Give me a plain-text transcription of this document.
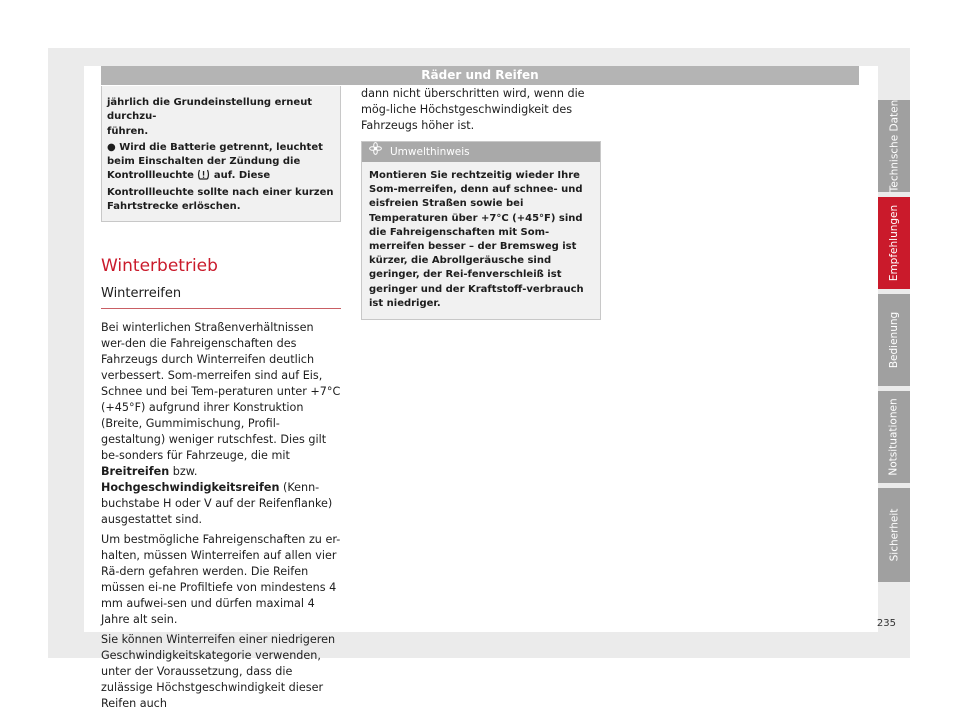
Räder und Reifen

jährlich die Grundeinstellung erneut durchzu-

führen.

● Wird die Batterie getrennt, leuchtet beim Einschalten der Zündung die Kontrollleuchte auf. Diese Kontrollleuchte sollte nach einer kurzen Fahrtstrecke erlöschen.

Winterbetrieb
Winterreifen

Bei winterlichen Straßenverhältnissen wer-den die Fahreigenschaften des Fahrzeugs durch Winterreifen deutlich verbessert. Som-merreifen sind auf Eis, Schnee und bei Tem-peraturen unter +7°C (+45°F) aufgrund ihrer Konstruktion (Breite, Gummimischung, Profil-gestaltung) weniger rutschfest. Dies gilt be-sonders für Fahrzeuge, die mit Breitreifen bzw. Hochgeschwindigkeitsreifen (Kenn-buchstabe H oder V auf der Reifenflanke) ausgestattet sind.

Um bestmögliche Fahreigenschaften zu er-halten, müssen Winterreifen auf allen vier Rä-dern gefahren werden. Die Reifen müssen ei-ne Profiltiefe von mindestens 4 mm aufwei-sen und dürfen maximal 4 Jahre alt sein.

Sie können Winterreifen einer niedrigeren Geschwindigkeitskategorie verwenden, unter der Voraussetzung, dass die zulässige Höchstgeschwindigkeit dieser Reifen auch

dann nicht überschritten wird, wenn die mög-liche Höchstgeschwindigkeit des Fahrzeugs höher ist.

Umwelthinweis
Montieren Sie rechtzeitig wieder Ihre Som-merreifen, denn auf schnee- und eisfreien Straßen sowie bei Temperaturen über +7°C (+45°F) sind die Fahreigenschaften mit Som-merreifen besser – der Bremsweg ist kürzer, die Abrollgeräusche sind geringer, der Rei-fenverschleiß ist geringer und der Kraftstoff-verbrauch ist niedriger.
Technische Daten
Empfehlungen
Bedienung
Notsituationen
Sicherheit
235
